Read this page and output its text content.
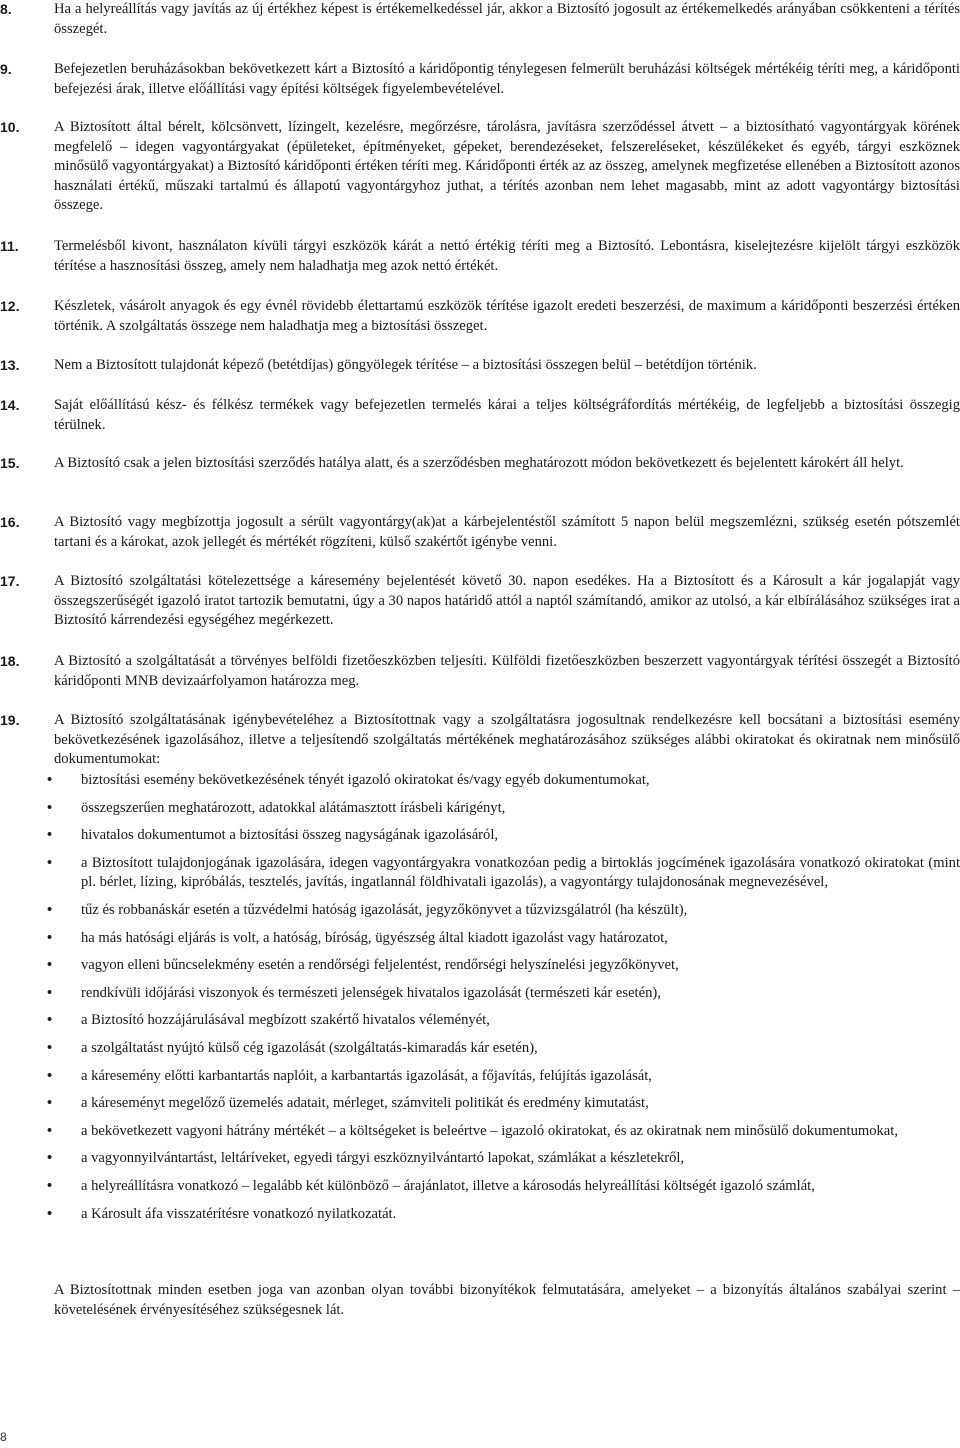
8.	Ha a helyreállítás vagy javítás az új értékhez képest is értékemelkedéssel jár, akkor a Biztosító jogosult az értékemelkedés arányában csökkenteni a térítés összegét.
9.	Befejezetlen beruházásokban bekövetkezett kárt a Biztosító a káridőpontig ténylegesen felmerült beruházási költségek mértékéig téríti meg, a káridőponti befejezési árak, illetve előállítási vagy építési költségek figyelembevételével.
10. A Biztosított által bérelt, kölcsönvett, lízingelt, kezelésre, megőrzésre, tárolásra, javításra szerződéssel átvett – a biztosítható vagyontárgyak körének megfelelő – idegen vagyontárgyakat (épületeket, építményeket, gépeket, berendezéseket, felszereléseket, készülékeket és egyéb, tárgyi eszköznek minősülő vagyontárgyakat) a Biztosító káridőponti értéken téríti meg. Káridőponti érték az az összeg, amelynek megfizetése ellenében a Biztosított azonos használati értékű, műszaki tartalmú és állapotú vagyontárgyhoz juthat, a térítés azonban nem lehet magasabb, mint az adott vagyontárgy biztosítási összege.
11. Termelésből kivont, használaton kívüli tárgyi eszközök kárát a nettó értékig téríti meg a Biztosító. Lebontásra, kiselejtezésre kijelölt tárgyi eszközök térítése a hasznosítási összeg, amely nem haladhatja meg azok nettó értékét.
12. Készletek, vásárolt anyagok és egy évnél rövidebb élettartamú eszközök térítése igazolt eredeti beszerzési, de maximum a káridőponti beszerzési értéken történik. A szolgáltatás összege nem haladhatja meg a biztosítási összeget.
13. Nem a Biztosított tulajdonát képező (betétdíjas) göngyölegek térítése – a biztosítási összegen belül – betétdíjon történik.
14. Saját előállítású kész- és félkész termékek vagy befejezetlen termelés kárai a teljes költségráfordítás mértékéig, de legfeljebb a biztosítási összegig térülnek.
15. A Biztosító csak a jelen biztosítási szerződés hatálya alatt, és a szerződésben meghatározott módon bekövetkezett és bejelentett károkért áll helyt.
16. A Biztosító vagy megbízottja jogosult a sérült vagyontárgy(ak)at a kárbejelentéstől számított 5 napon belül megszemlézni, szükség esetén pótszemlét tartani és a károkat, azok jellegét és mértékét rögzíteni, külső szakértőt igénybe venni.
17. A Biztosító szolgáltatási kötelezettsége a káresemény bejelentését követő 30. napon esedékes. Ha a Biztosított és a Károsult a kár jogalapját vagy összegszerűségét igazoló iratot tartozik bemutatni, úgy a 30 napos határidő attól a naptól számítandó, amikor az utolsó, a kár elbírálásához szükséges irat a Biztosító kárrendezési egységéhez megérkezett.
18. A Biztosító a szolgáltatását a törvényes belföldi fizetőeszközben teljesíti. Külföldi fizetőeszközben beszerzett vagyontárgyak térítési összegét a Biztosító káridőponti MNB devizaárfolyamon határozza meg.
19. A Biztosító szolgáltatásának igénybevételéhez a Biztosítottnak vagy a szolgáltatásra jogosultnak rendelkezésre kell bocsátani a biztosítási esemény bekövetkezésének igazolásához, illetve a teljesítendő szolgáltatás mértékének meghatározásához szükséges alábbi okiratokat és okiratnak nem minősülő dokumentumokat:
• biztosítási esemény bekövetkezésének tényét igazoló okiratokat és/vagy egyéb dokumentumokat,
• összegszerűen meghatározott, adatokkal alátámasztott írásbeli kárigényt,
• hivatalos dokumentumot a biztosítási összeg nagyságának igazolásáról,
• a Biztosított tulajdonjogának igazolására, idegen vagyontárgyakra vonatkozóan pedig a birtoklás jogcímének igazolására vonatkozó okiratokat (mint pl. bérlet, lízing, kipróbálás, tesztelés, javítás, ingatlannál földhivatali igazolás), a vagyontárgy tulajdonosának megnevezésével,
• tűz és robbanáskár esetén a tűzvédelmi hatóság igazolását, jegyzőkönyvet a tűzvizsgálatról (ha készült),
• ha más hatósági eljárás is volt, a hatóság, bíróság, ügyészség által kiadott igazolást vagy határozatot,
• vagyon elleni bűncselekmény esetén a rendőrségi feljelentést, rendőrségi helyszínelési jegyzőkönyvet,
• rendkívüli időjárási viszonyok és természeti jelenségek hivatalos igazolását (természeti kár esetén),
• a Biztosító hozzájárulásával megbízott szakértő hivatalos véleményét,
• a szolgáltatást nyújtó külső cég igazolását (szolgáltatás-kimaradás kár esetén),
• a káresemény előtti karbantartás naplóit, a karbantartás igazolását, a főjavítás, felújítás igazolását,
• a káreseményt megelőző üzemelés adatait, mérleget, számviteli politikát és eredmény kimutatást,
• a bekövetkezett vagyoni hátrány mértékét – a költségeket is beleértve – igazoló okiratokat, és az okiratnak nem minősülő dokumentumokat,
• a vagyonnyilvántartást, leltáríveket, egyedi tárgyi eszköznyilvántartó lapokat, számlákat a készletekről,
• a helyreállításra vonatkozó – legalább két különböző – árajánlatot, illetve a károsodás helyreállítási költségét igazoló számlát,
• a Károsult áfa visszatérítésre vonatkozó nyilatkozatát.
A Biztosítottnak minden esetben joga van azonban olyan további bizonyítékok felmutatására, amelyeket – a bizonyítás általános szabályai szerint – követelésének érvényesítéséhez szükségesnek lát.
8
